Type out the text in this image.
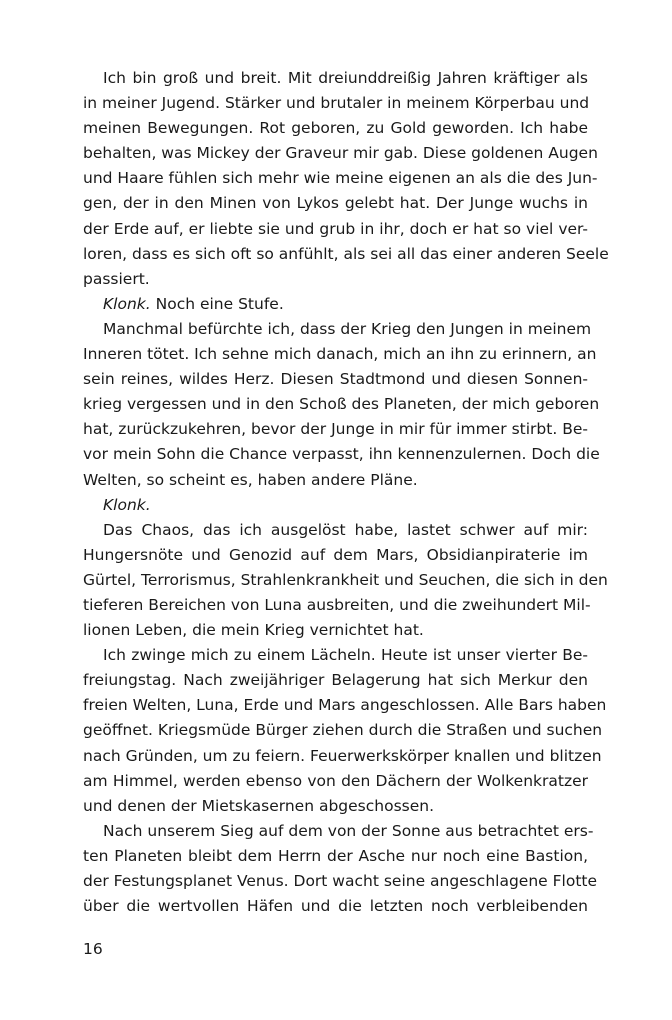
Ich bin groß und breit. Mit dreiunddreißig Jahren kräftiger als
in meiner Jugend. Stärker und brutaler in meinem Körperbau und
meinen Bewegungen. Rot geboren, zu Gold geworden. Ich habe
behalten, was Mickey der Graveur mir gab. Diese goldenen Augen
und Haare fühlen sich mehr wie meine eigenen an als die des Jun-
gen, der in den Minen von Lykos gelebt hat. Der Junge wuchs in
der Erde auf, er liebte sie und grub in ihr, doch er hat so viel ver-
loren, dass es sich oft so anfühlt, als sei all das einer anderen Seele
passiert.

Klonk. Noch eine Stufe.

Manchmal befürchte ich, dass der Krieg den Jungen in meinem
Inneren tötet. Ich sehne mich danach, mich an ihn zu erinnern, an
sein reines, wildes Herz. Diesen Stadtmond und diesen Sonnen-
krieg vergessen und in den Schoß des Planeten, der mich geboren
hat, zurückzukehren, bevor der Junge in mir für immer stirbt. Be-
vor mein Sohn die Chance verpasst, ihn kennenzulernen. Doch die
Welten, so scheint es, haben andere Pläne.

Klonk.

Das Chaos, das ich ausgelöst habe, lastet schwer auf mir:
Hungersnöte und Genozid auf dem Mars, Obsidianpiraterie im
Gürtel, Terrorismus, Strahlenkrankheit und Seuchen, die sich in den
tieferen Bereichen von Luna ausbreiten, und die zweihundert Mil-
lionen Leben, die mein Krieg vernichtet hat.

Ich zwinge mich zu einem Lächeln. Heute ist unser vierter Be-
freiungstag. Nach zweijähriger Belagerung hat sich Merkur den
freien Welten, Luna, Erde und Mars angeschlossen. Alle Bars haben
geöffnet. Kriegsmüde Bürger ziehen durch die Straßen und suchen
nach Gründen, um zu feiern. Feuerwerkskörper knallen und blitzen
am Himmel, werden ebenso von den Dächern der Wolkenkratzer
und denen der Mietskasernen abgeschossen.

Nach unserem Sieg auf dem von der Sonne aus betrachtet ers-
ten Planeten bleibt dem Herrn der Asche nur noch eine Bastion,
der Festungsplanet Venus. Dort wacht seine angeschlagene Flotte
über die wertvollen Häfen und die letzten noch verbleibenden

16
